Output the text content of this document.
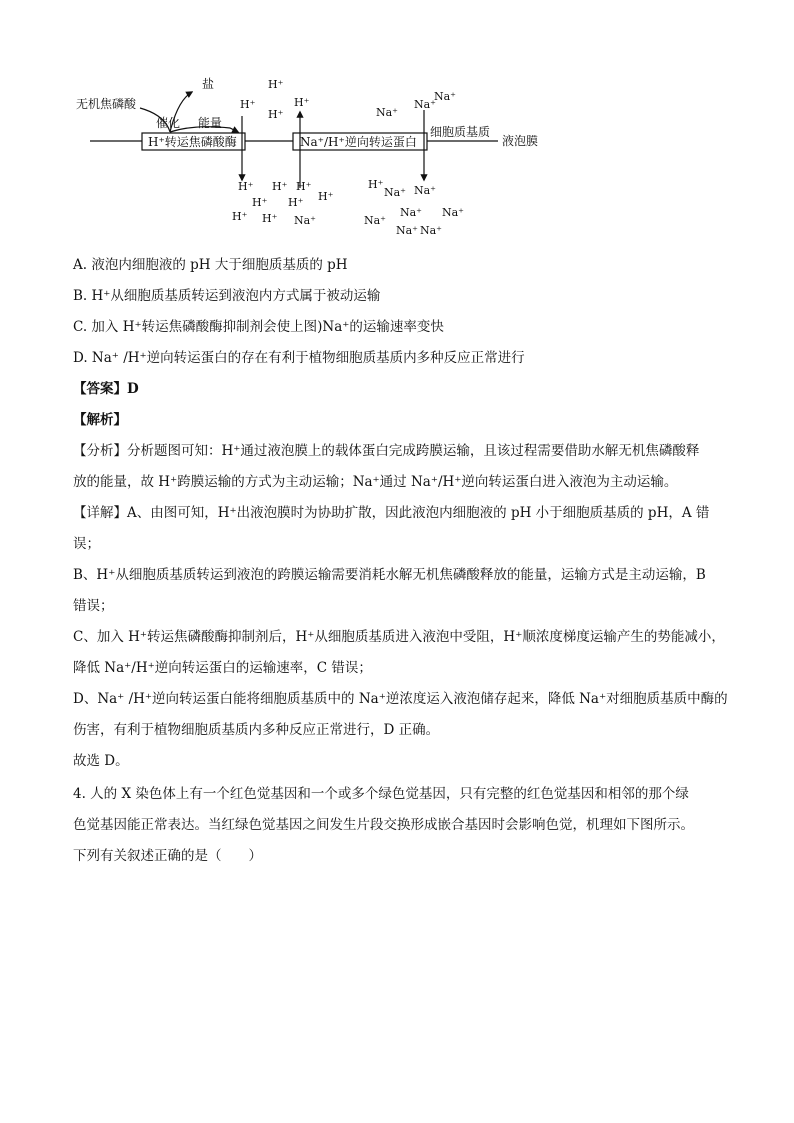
H⁺转运焦磷酸酶	Na⁺/H⁺逆向转运蛋白
细胞质基质
液泡膜
无机焦磷酸
盐
催化 能量
H⁺	H⁺
H⁺
H⁺	Na⁺
Na⁺
Na⁺
H⁺ H⁺ H⁺
H⁺ H⁺ H⁺
H⁺ H⁺ Na⁺
H⁺
Na⁺ Na⁺
Na⁺ Na⁺
Na⁺
Na⁺ Na⁺
A. 液泡内细胞液的 pH 大于细胞质基质的 pH
B. H⁺从细胞质基质转运到液泡内方式属于被动运输
C. 加入 H⁺转运焦磷酸酶抑制剂会使上图)Na⁺的运输速率变快
D. Na⁺ /H⁺逆向转运蛋白的存在有利于植物细胞质基质内多种反应正常进行
【答案】D
【解析】
【分析】分析题图可知：H⁺通过液泡膜上的载体蛋白完成跨膜运输，且该过程需要借助水解无机焦磷酸释
放的能量，故 H⁺跨膜运输的方式为主动运输；Na⁺通过 Na⁺/H⁺逆向转运蛋白进入液泡为主动运输。
【详解】A、由图可知，H⁺出液泡膜时为协助扩散，因此液泡内细胞液的 pH 小于细胞质基质的 pH，A 错
误；
B、H⁺从细胞质基质转运到液泡的跨膜运输需要消耗水解无机焦磷酸释放的能量，运输方式是主动运输，B
错误；
C、加入 H⁺转运焦磷酸酶抑制剂后，H⁺从细胞质基质进入液泡中受阻，H⁺顺浓度梯度运输产生的势能减小，
降低 Na⁺/H⁺逆向转运蛋白的运输速率，C 错误；
D、Na⁺ /H⁺逆向转运蛋白能将细胞质基质中的 Na⁺逆浓度运入液泡储存起来，降低 Na⁺对细胞质基质中酶的
伤害，有利于植物细胞质基质内多种反应正常进行，D 正确。
故选 D。
4. 人的 X 染色体上有一个红色觉基因和一个或多个绿色觉基因，只有完整的红色觉基因和相邻的那个绿
色觉基因能正常表达。当红绿色觉基因之间发生片段交换形成嵌合基因时会影响色觉，机理如下图所示。
下列有关叙述正确的是（　　）
